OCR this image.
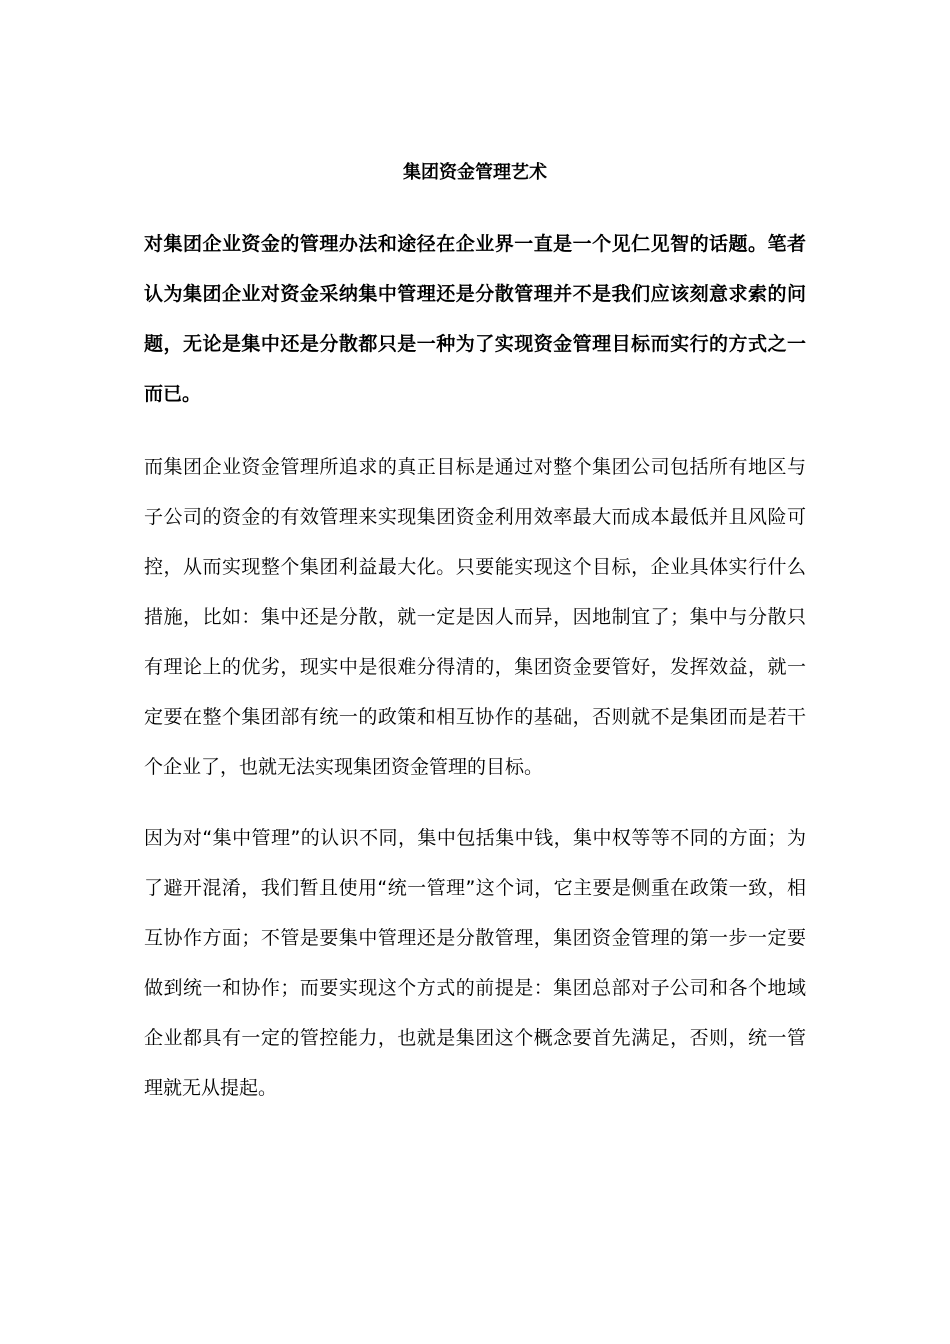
集团资金管理艺术

对集团企业资金的管理办法和途径在企业界一直是一个见仁见智的话题。笔者认为集团企业对资金采纳集中管理还是分散管理并不是我们应该刻意求索的问题，无论是集中还是分散都只是一种为了实现资金管理目标而实行的方式之一而已。

而集团企业资金管理所追求的真正目标是通过对整个集团公司包括所有地区与子公司的资金的有效管理来实现集团资金利用效率最大而成本最低并且风险可控，从而实现整个集团利益最大化。只要能实现这个目标，企业具体实行什么措施，比如：集中还是分散，就一定是因人而异，因地制宜了；集中与分散只有理论上的优劣，现实中是很难分得清的，集团资金要管好，发挥效益，就一定要在整个集团部有统一的政策和相互协作的基础，否则就不是集团而是若干个企业了，也就无法实现集团资金管理的目标。

因为对“集中管理”的认识不同，集中包括集中钱，集中权等等不同的方面；为了避开混淆，我们暂且使用“统一管理”这个词，它主要是侧重在政策一致，相互协作方面；不管是要集中管理还是分散管理，集团资金管理的第一步一定要做到统一和协作；而要实现这个方式的前提是：集团总部对子公司和各个地域企业都具有一定的管控能力，也就是集团这个概念要首先满足，否则，统一管理就无从提起。
